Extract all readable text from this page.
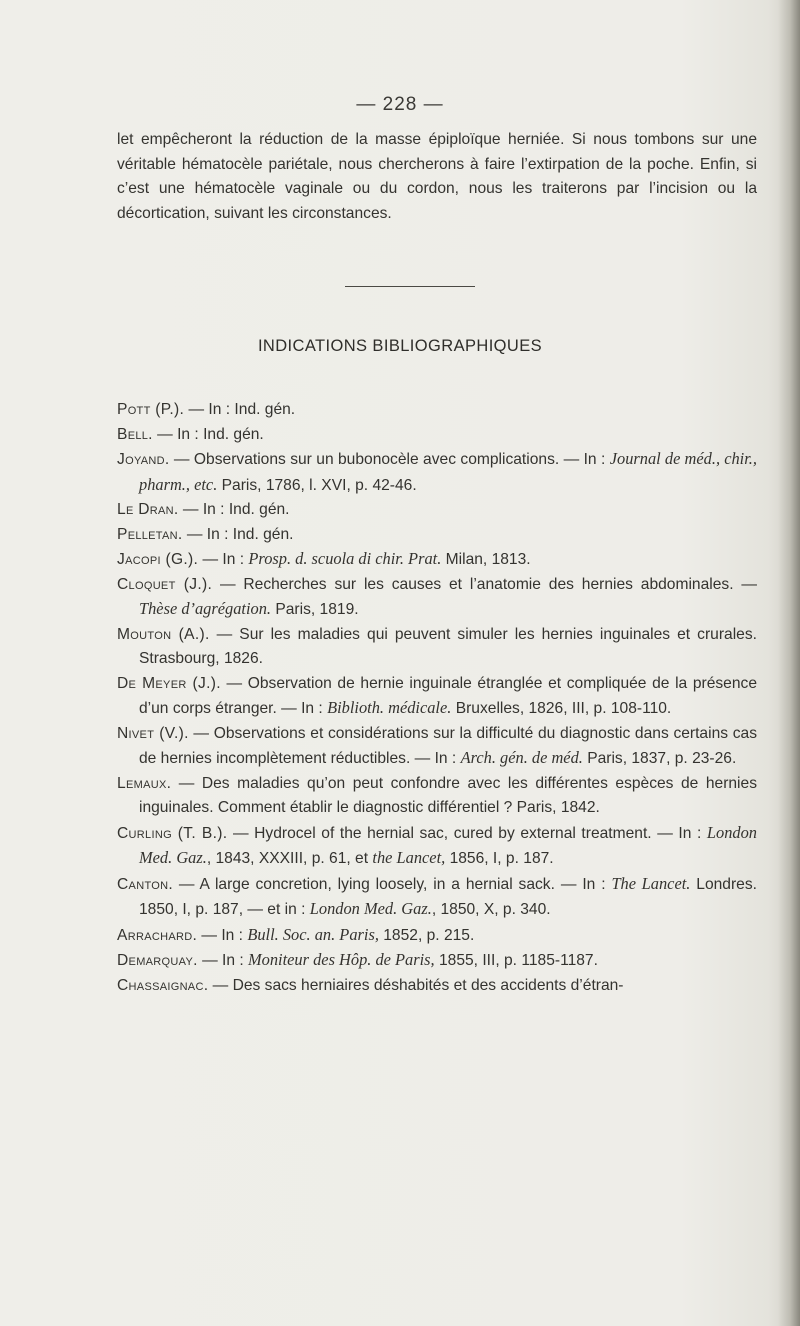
— 228 —

let empêcheront la réduction de la masse épiploïque herniée. Si nous tombons sur une véritable hématocèle pariétale, nous chercherons à faire l’extirpation de la poche. Enfin, si c’est une hématocèle vaginale ou du cordon, nous les traiterons par l’incision ou la décortication, suivant les circonstances.

INDICATIONS BIBLIOGRAPHIQUES
Pott (P.). — In : Ind. gén.
Bell. — In : Ind. gén.
Joyand. — Observations sur un bubonocèle avec complications. — In : Journal de méd., chir., pharm., etc. Paris, 1786, l. XVI, p. 42-46.
Le Dran. — In : Ind. gén.
Pelletan. — In : Ind. gén.
Jacopi (G.). — In : Prosp. d. scuola di chir. Prat. Milan, 1813.
Cloquet (J.). — Recherches sur les causes et l’anatomie des hernies abdominales. — Thèse d’agrégation. Paris, 1819.
Mouton (A.). — Sur les maladies qui peuvent simuler les hernies inguinales et crurales. Strasbourg, 1826.
De Meyer (J.). — Observation de hernie inguinale étranglée et compliquée de la présence d’un corps étranger. — In : Biblioth. médicale. Bruxelles, 1826, III, p. 108-110.
Nivet (V.). — Observations et considérations sur la difficulté du diagnostic dans certains cas de hernies incomplètement réductibles. — In : Arch. gén. de méd. Paris, 1837, p. 23-26.
Lemaux. — Des maladies qu’on peut confondre avec les différentes espèces de hernies inguinales. Comment établir le diagnostic différentiel ? Paris, 1842.
Curling (T. B.). — Hydrocel of the hernial sac, cured by external treatment. — In : London Med. Gaz., 1843, XXXIII, p. 61, et the Lancet, 1856, I, p. 187.
Canton. — A large concretion, lying loosely, in a hernial sack. — In : The Lancet. Londres. 1850, I, p. 187, — et in : London Med. Gaz., 1850, X, p. 340.
Arrachard. — In : Bull. Soc. an. Paris, 1852, p. 215.
Demarquay. — In : Moniteur des Hôp. de Paris, 1855, III, p. 1185-1187.
Chassaignac. — Des sacs herniaires déshabités et des accidents d’étran-
